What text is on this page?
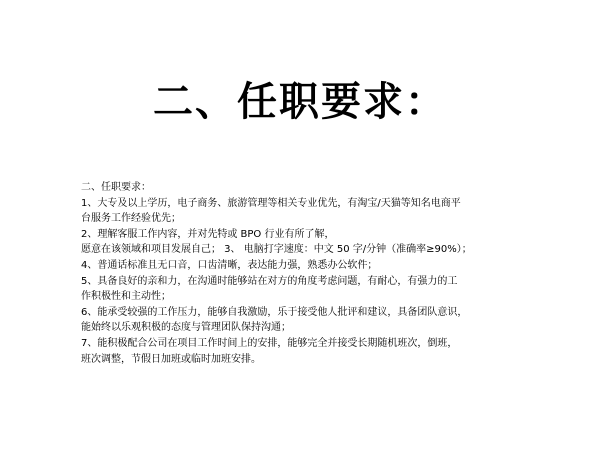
二、任职要求：
二、任职要求：
1、大专及以上学历，电子商务、旅游管理等相关专业优先，有淘宝/天猫等知名电商平
台服务工作经验优先；
2、理解客服工作内容，并对先特或 BPO 行业有所了解，
愿意在该领域和项目发展自己； 3、 电脑打字速度：中文 50 字/分钟（准确率≥90%）；
4、普通话标准且无口音，口齿清晰，表达能力强，熟悉办公软件；
5、具备良好的亲和力，在沟通时能够站在对方的角度考虑问题，有耐心，有强力的工
作积极性和主动性；
6、能承受较强的工作压力，能够自我激励，乐于接受他人批评和建议，具备团队意识，
能始终以乐观积极的态度与管理团队保持沟通；
7、能积极配合公司在项目工作时间上的安排，能够完全并接受长期随机班次，倒班，
班次调整，节假日加班或临时加班安排。
